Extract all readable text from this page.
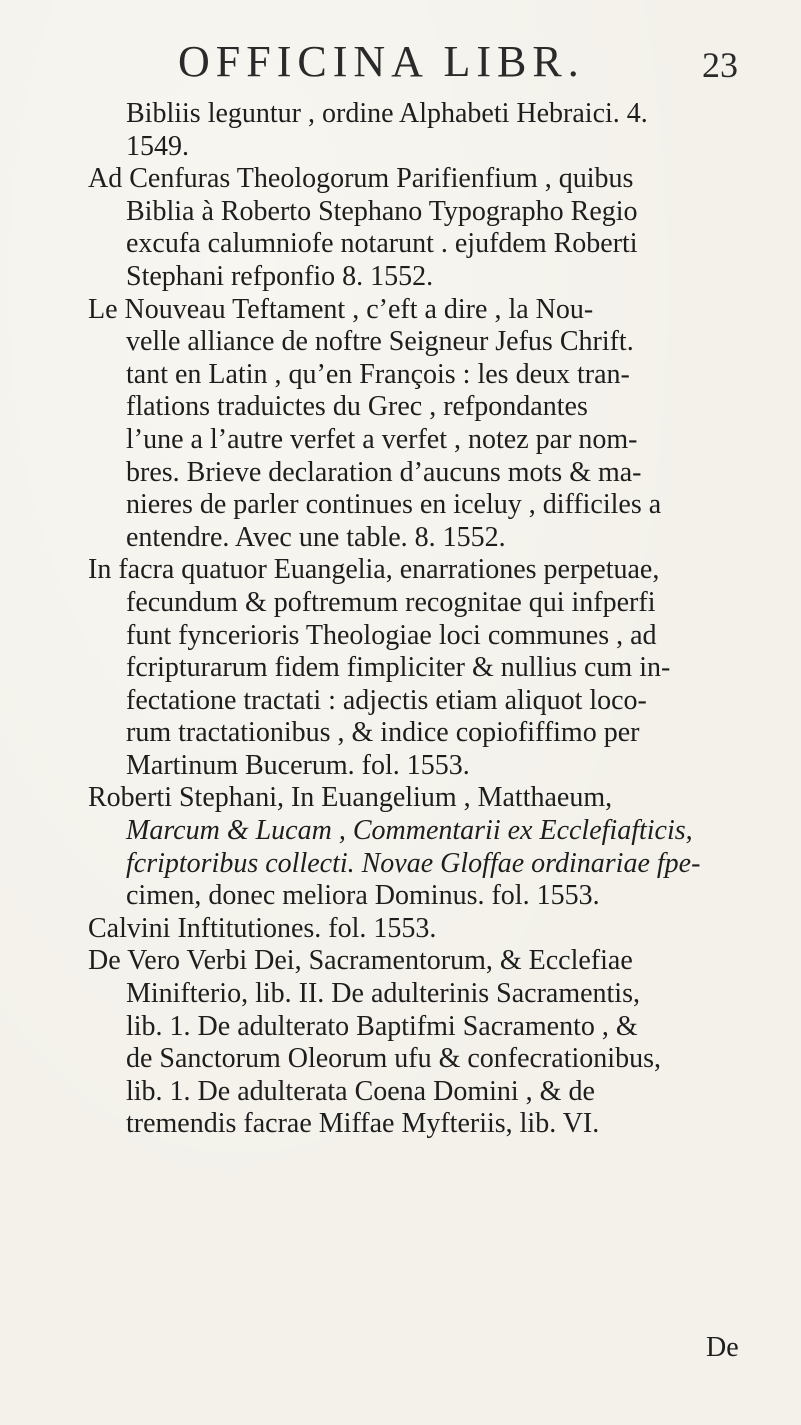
OFFICINA LIBR.	23
Bibliis leguntur , ordine Alphabeti Hebraici. 4.
1549.
Ad Cenfuras Theologorum Parifienfium , quibus
Biblia à Roberto Stephano Typographo Regio
excufa calumniofe notarunt . ejufdem Roberti
Stephani refponfio 8. 1552.
Le Nouveau Teftament , c’eft a dire , la Nou-
velle alliance de noftre Seigneur Jefus Chrift.
tant en Latin , qu’en François : les deux tran-
flations traduictes du Grec , refpondantes
l’une a l’autre verfet a verfet , notez par nom-
bres. Brieve declaration d’aucuns mots & ma-
nieres de parler continues en iceluy , difficiles a
entendre. Avec une table. 8. 1552.
In facra quatuor Euangelia, enarrationes perpetuae,
fecundum & poftremum recognitae qui infperfi
funt fyncerioris Theologiae loci communes , ad
fcripturarum fidem fimpliciter & nullius cum in-
fectatione tractati : adjectis etiam aliquot loco-
rum tractationibus , & indice copiofiffimo per
Martinum Bucerum. fol. 1553.
Roberti Stephani, In Euangelium , Matthaeum,
Marcum & Lucam , Commentarii ex Ecclefiafticis,
fcriptoribus collecti. Novae Gloffae ordinariae fpe-
cimen, donec meliora Dominus. fol. 1553.
Calvini Inftitutiones. fol. 1553.
De Vero Verbi Dei, Sacramentorum, & Ecclefiae
Minifterio, lib. II. De adulterinis Sacramentis,
lib. 1. De adulterato Baptifmi Sacramento , &
de Sanctorum Oleorum ufu & confecrationibus,
lib. 1. De adulterata Coena Domini , & de
tremendis facrae Miffae Myfteriis, lib. VI.
De
